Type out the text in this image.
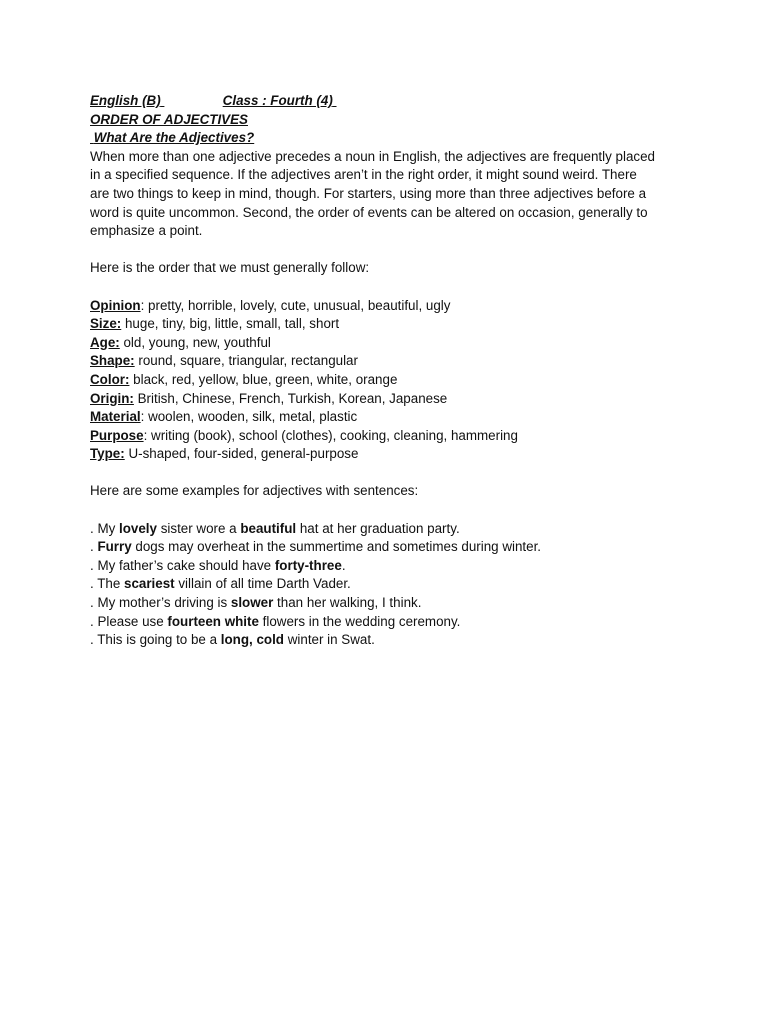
English (B)	Class : Fourth (4)
ORDER OF ADJECTIVES
What Are the Adjectives?
When more than one adjective precedes a noun in English, the adjectives are frequently placed
in a specified sequence. If the adjectives aren’t in the right order, it might sound weird. There
are two things to keep in mind, though. For starters, using more than three adjectives before a
word is quite uncommon. Second, the order of events can be altered on occasion, generally to
emphasize a point.
Here is the order that we must generally follow:
Opinion: pretty, horrible, lovely, cute, unusual, beautiful, ugly
Size: huge, tiny, big, little, small, tall, short
Age: old, young, new, youthful
Shape: round, square, triangular, rectangular
Color: black, red, yellow, blue, green, white, orange
Origin: British, Chinese, French, Turkish, Korean, Japanese
Material: woolen, wooden, silk, metal, plastic
Purpose: writing (book), school (clothes), cooking, cleaning, hammering
Type: U-shaped, four-sided, general-purpose
Here are some examples for adjectives with sentences:
. My lovely sister wore a beautiful hat at her graduation party.
. Furry dogs may overheat in the summertime and sometimes during winter.
. My father’s cake should have forty-three.
. The scariest villain of all time Darth Vader.
. My mother’s driving is slower than her walking, I think.
. Please use fourteen white flowers in the wedding ceremony.
. This is going to be a long, cold winter in Swat.
